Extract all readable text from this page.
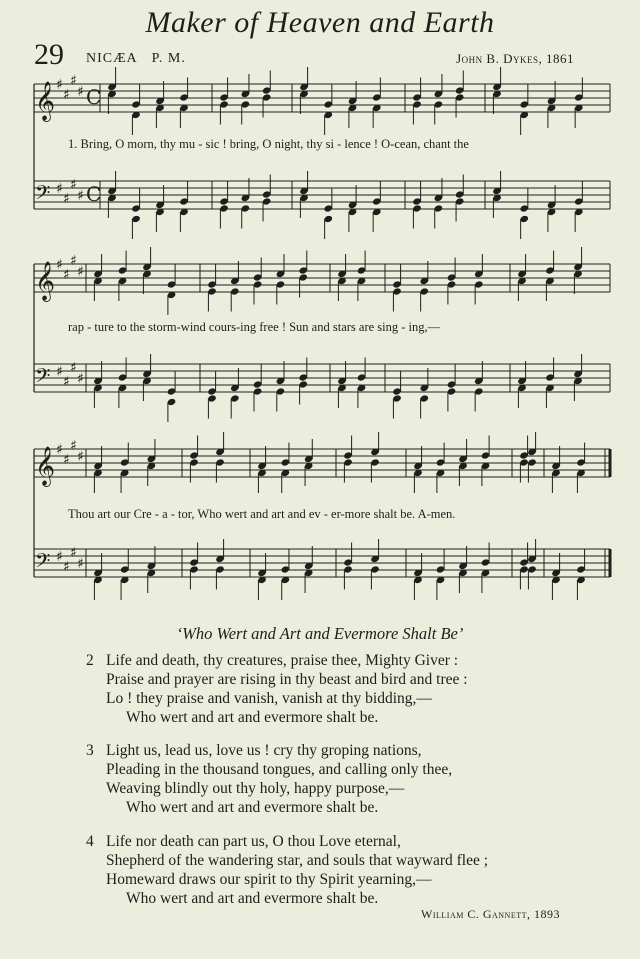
Maker of Heaven and Earth
29 NICÆA P. M.	John B. Dykes, 1861
𝄞 ♯
♯
♯
♯ C
𝄢 ♯
♯
♯
♯ C
𝄞 ♯
♯
♯
♯
𝄢 ♯
♯
♯
♯
𝄞 ♯
♯
♯
♯
𝄢 ♯
♯
♯
♯
1. Bring, O morn, thy mu - sic ! bring, O night, thy si - lence ! O-cean, chant the
rap - ture to the storm-wind cours-ing free ! Sun and stars are sing - ing,—
Thou art our Cre - a - tor, Who wert and art and ev - er-more shalt be. A-men.
‘Who Wert and Art and Evermore Shalt Be’
2 Life and death, thy creatures, praise thee, Mighty Giver :
Praise and prayer are rising in thy beast and bird and tree :
Lo ! they praise and vanish, vanish at thy bidding,—
Who wert and art and evermore shalt be.
3 Light us, lead us, love us ! cry thy groping nations,
Pleading in the thousand tongues, and calling only thee,
Weaving blindly out thy holy, happy purpose,—
Who wert and art and evermore shalt be.
4 Life nor death can part us, O thou Love eternal,
Shepherd of the wandering star, and souls that wayward flee ;
Homeward draws our spirit to thy Spirit yearning,—
Who wert and art and evermore shalt be.
William C. Gannett, 1893
